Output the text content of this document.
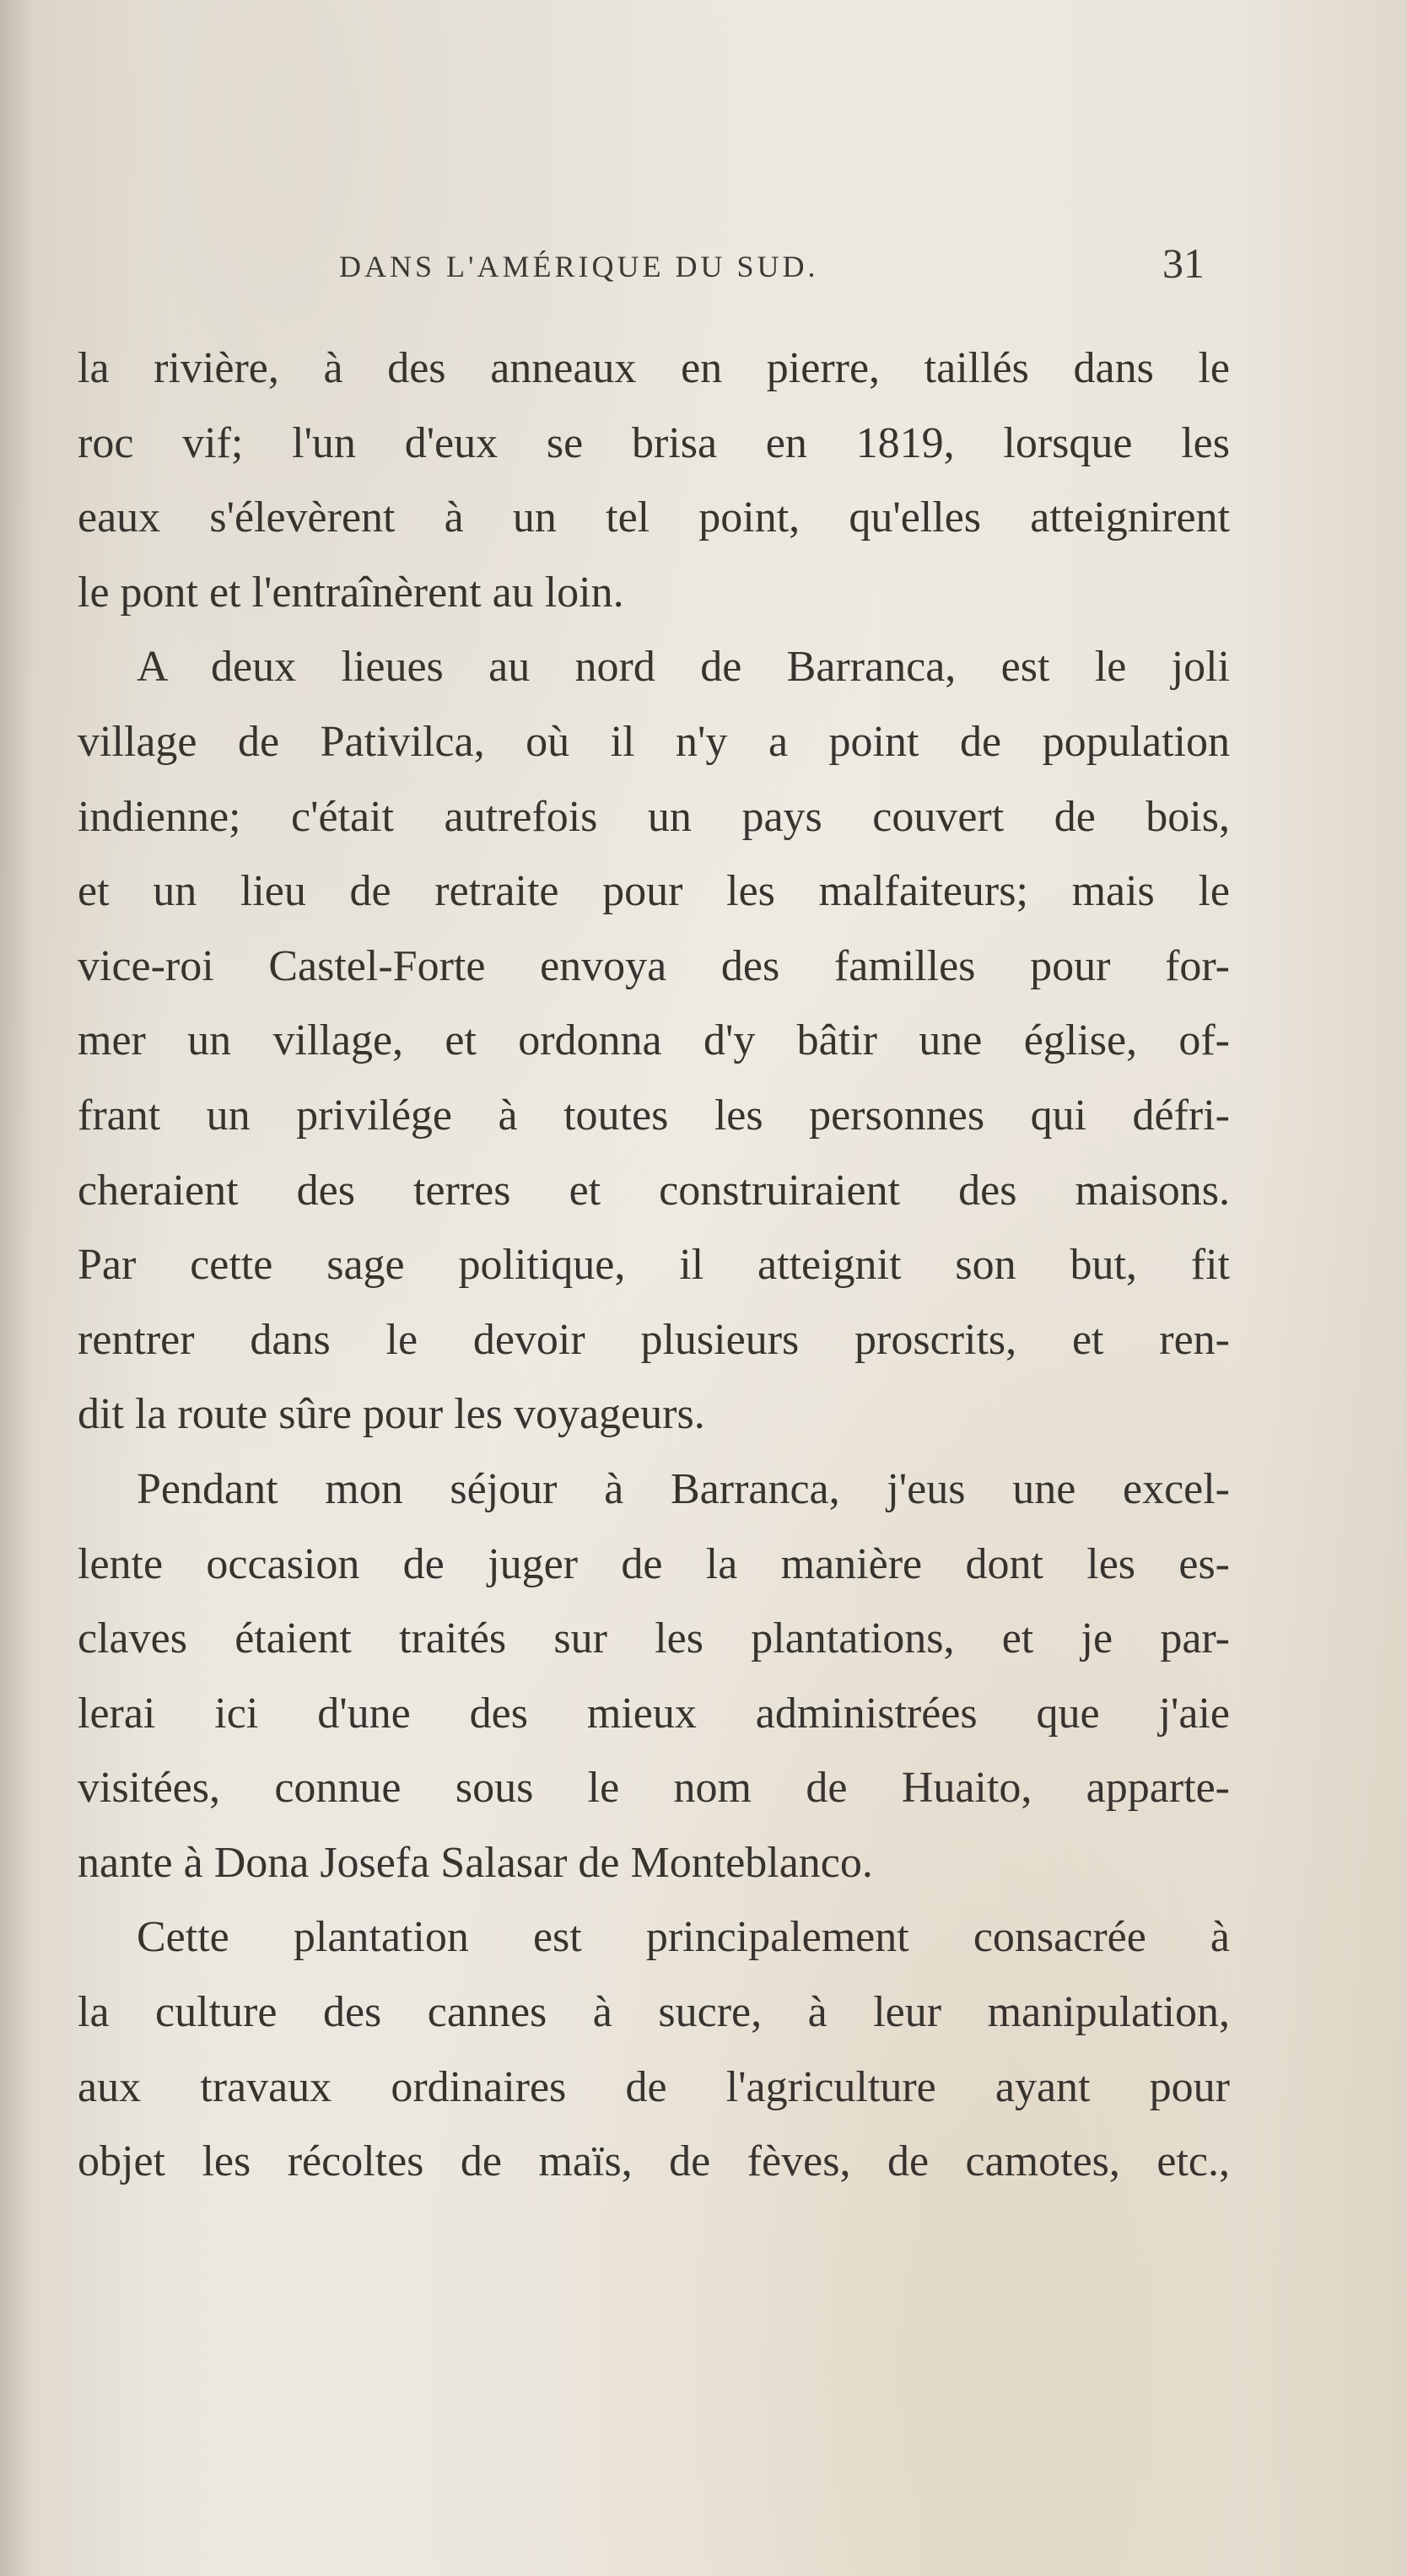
DANS L'AMÉRIQUE DU SUD.	31
la rivière, à des anneaux en pierre, taillés dans le
roc vif; l'un d'eux se brisa en 1819, lorsque les
eaux s'élevèrent à un tel point, qu'elles atteignirent
le pont et l'entraînèrent au loin.
A deux lieues au nord de Barranca, est le joli
village de Pativilca, où il n'y a point de population
indienne; c'était autrefois un pays couvert de bois,
et un lieu de retraite pour les malfaiteurs; mais le
vice-roi Castel-Forte envoya des familles pour for-
mer un village, et ordonna d'y bâtir une église, of-
frant un privilége à toutes les personnes qui défri-
cheraient des terres et construiraient des maisons.
Par cette sage politique, il atteignit son but, fit
rentrer dans le devoir plusieurs proscrits, et ren-
dit la route sûre pour les voyageurs.
Pendant mon séjour à Barranca, j'eus une excel-
lente occasion de juger de la manière dont les es-
claves étaient traités sur les plantations, et je par-
lerai ici d'une des mieux administrées que j'aie
visitées, connue sous le nom de Huaito, apparte-
nante à Dona Josefa Salasar de Monteblanco.
Cette plantation est principalement consacrée à
la culture des cannes à sucre, à leur manipulation,
aux travaux ordinaires de l'agriculture ayant pour
objet les récoltes de maïs, de fèves, de camotes, etc.,
